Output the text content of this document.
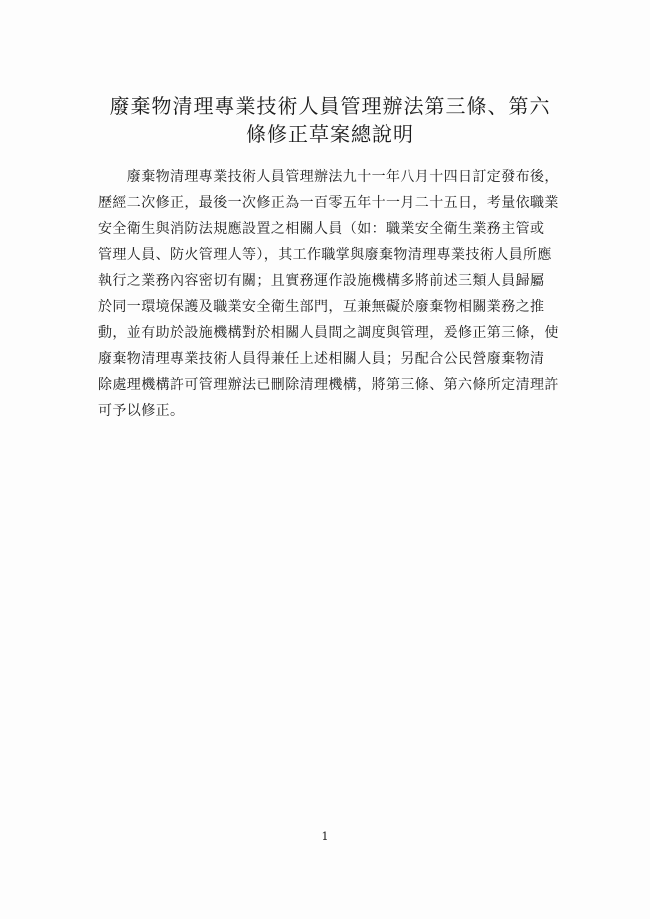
廢棄物清理專業技術人員管理辦法第三條、第六
條修正草案總說明
　　廢棄物清理專業技術人員管理辦法九十一年八月十四日訂定發布後，
歷經二次修正，最後一次修正為一百零五年十一月二十五日，考量依職業
安全衛生與消防法規應設置之相關人員（如：職業安全衛生業務主管或
管理人員、防火管理人等），其工作職掌與廢棄物清理專業技術人員所應
執行之業務內容密切有關；且實務運作設施機構多將前述三類人員歸屬
於同一環境保護及職業安全衛生部門，互兼無礙於廢棄物相關業務之推
動，並有助於設施機構對於相關人員間之調度與管理，爰修正第三條，使
廢棄物清理專業技術人員得兼任上述相關人員；另配合公民營廢棄物清
除處理機構許可管理辦法已刪除清理機構，將第三條、第六條所定清理許
可予以修正。
1
